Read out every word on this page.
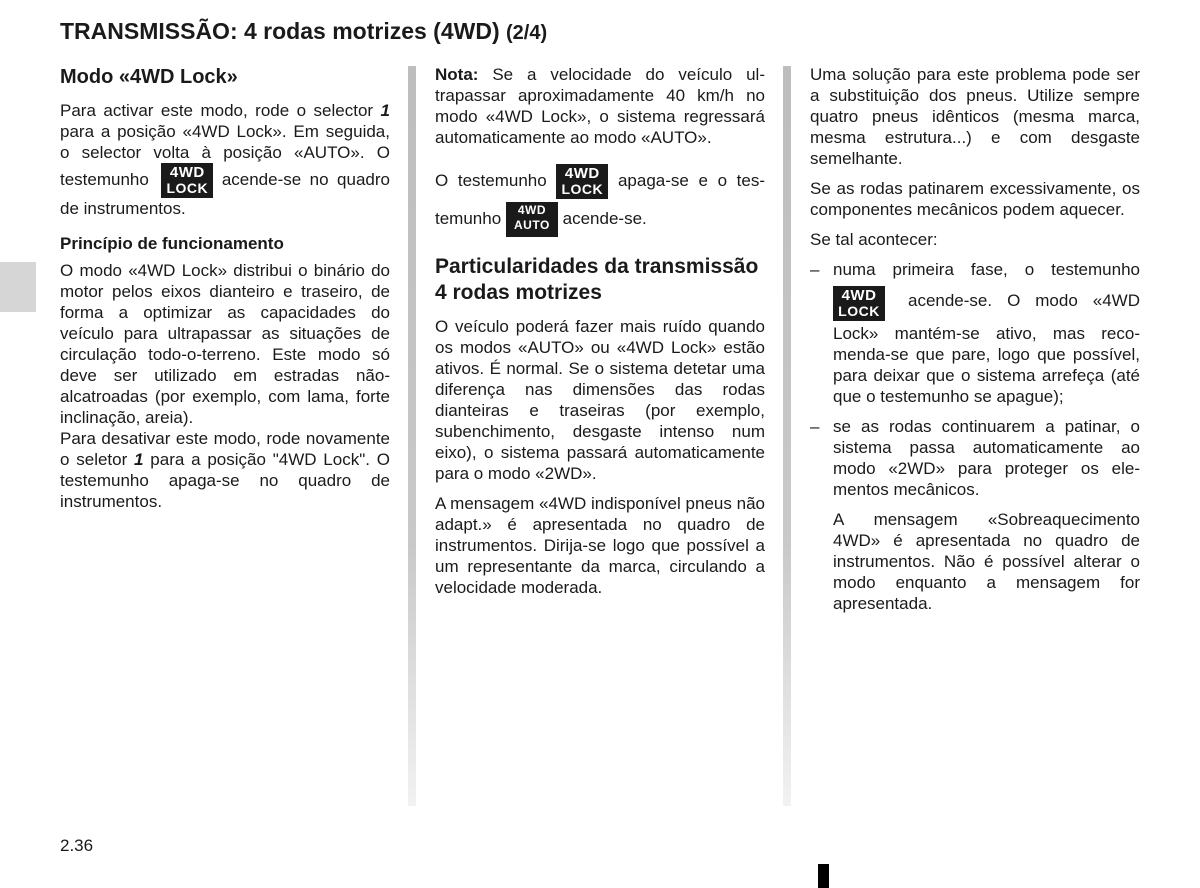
TRANSMISSÃO: 4 rodas motrizes (4WD) (2/4)
Modo «4WD Lock»

Para activar este modo, rode o selector 1 para a posição «4WD Lock». Em seguida, o selector volta à posição «AUTO». O testemunho	4WD
LOCK acende-se no quadro de instrumentos.

Princípio de funcionamento

O modo «4WD Lock» distribui o binário do motor pelos eixos dianteiro e traseiro, de forma a optimizar as capacidades do veículo para ultrapassar as situações de circulação todo-o-terreno. Este modo só deve ser utilizado em estradas não-alcatroadas (por exemplo, com lama, forte inclinação, areia).

Para desativar este modo, rode novamente o seletor 1 para a posição "4WD Lock". O testemunho apaga-se no quadro de instrumentos.

Nota: Se a velocidade do veículo ultrapassar aproximadamente 40 km/h no modo «4WD Lock», o sistema regressará automaticamente ao modo «AUTO».

O testemunho	4WD
LOCK apaga-se e o testemunho	4WD
AUTO acende-se.

Particularidades da transmissão 4 rodas motrizes

O veículo poderá fazer mais ruído quando os modos «AUTO» ou «4WD Lock» estão ativos. É normal. Se o sistema detetar uma diferença nas dimensões das rodas dianteiras e traseiras (por exemplo, subenchimento, desgaste intenso num eixo), o sistema passará automaticamente para o modo «2WD».

A mensagem «4WD indisponível pneus não adapt.» é apresentada no quadro de instrumentos. Dirija-se logo que possível a um representante da marca, circulando a velocidade moderada.

Uma solução para este problema pode ser a substituição dos pneus. Utilize sempre quatro pneus idênticos (mesma marca, mesma estrutura...) e com desgaste semelhante.

Se as rodas patinarem excessivamente, os componentes mecânicos podem aquecer.

Se tal acontecer:

– numa primeira fase, o testemunho
4WD
LOCK
acende-se. O modo «4WD Lock» mantém-se ativo, mas recomenda-se que pare, logo que possível, para deixar que o sistema arrefeça (até que o testemunho se apague);
– se as rodas continuarem a patinar, o sistema passa automaticamente ao modo «2WD» para proteger os elementos mecânicos.

A mensagem «Sobreaquecimento 4WD» é apresentada no quadro de instrumentos. Não é possível alterar o modo enquanto a mensagem for apresentada.

2.36
